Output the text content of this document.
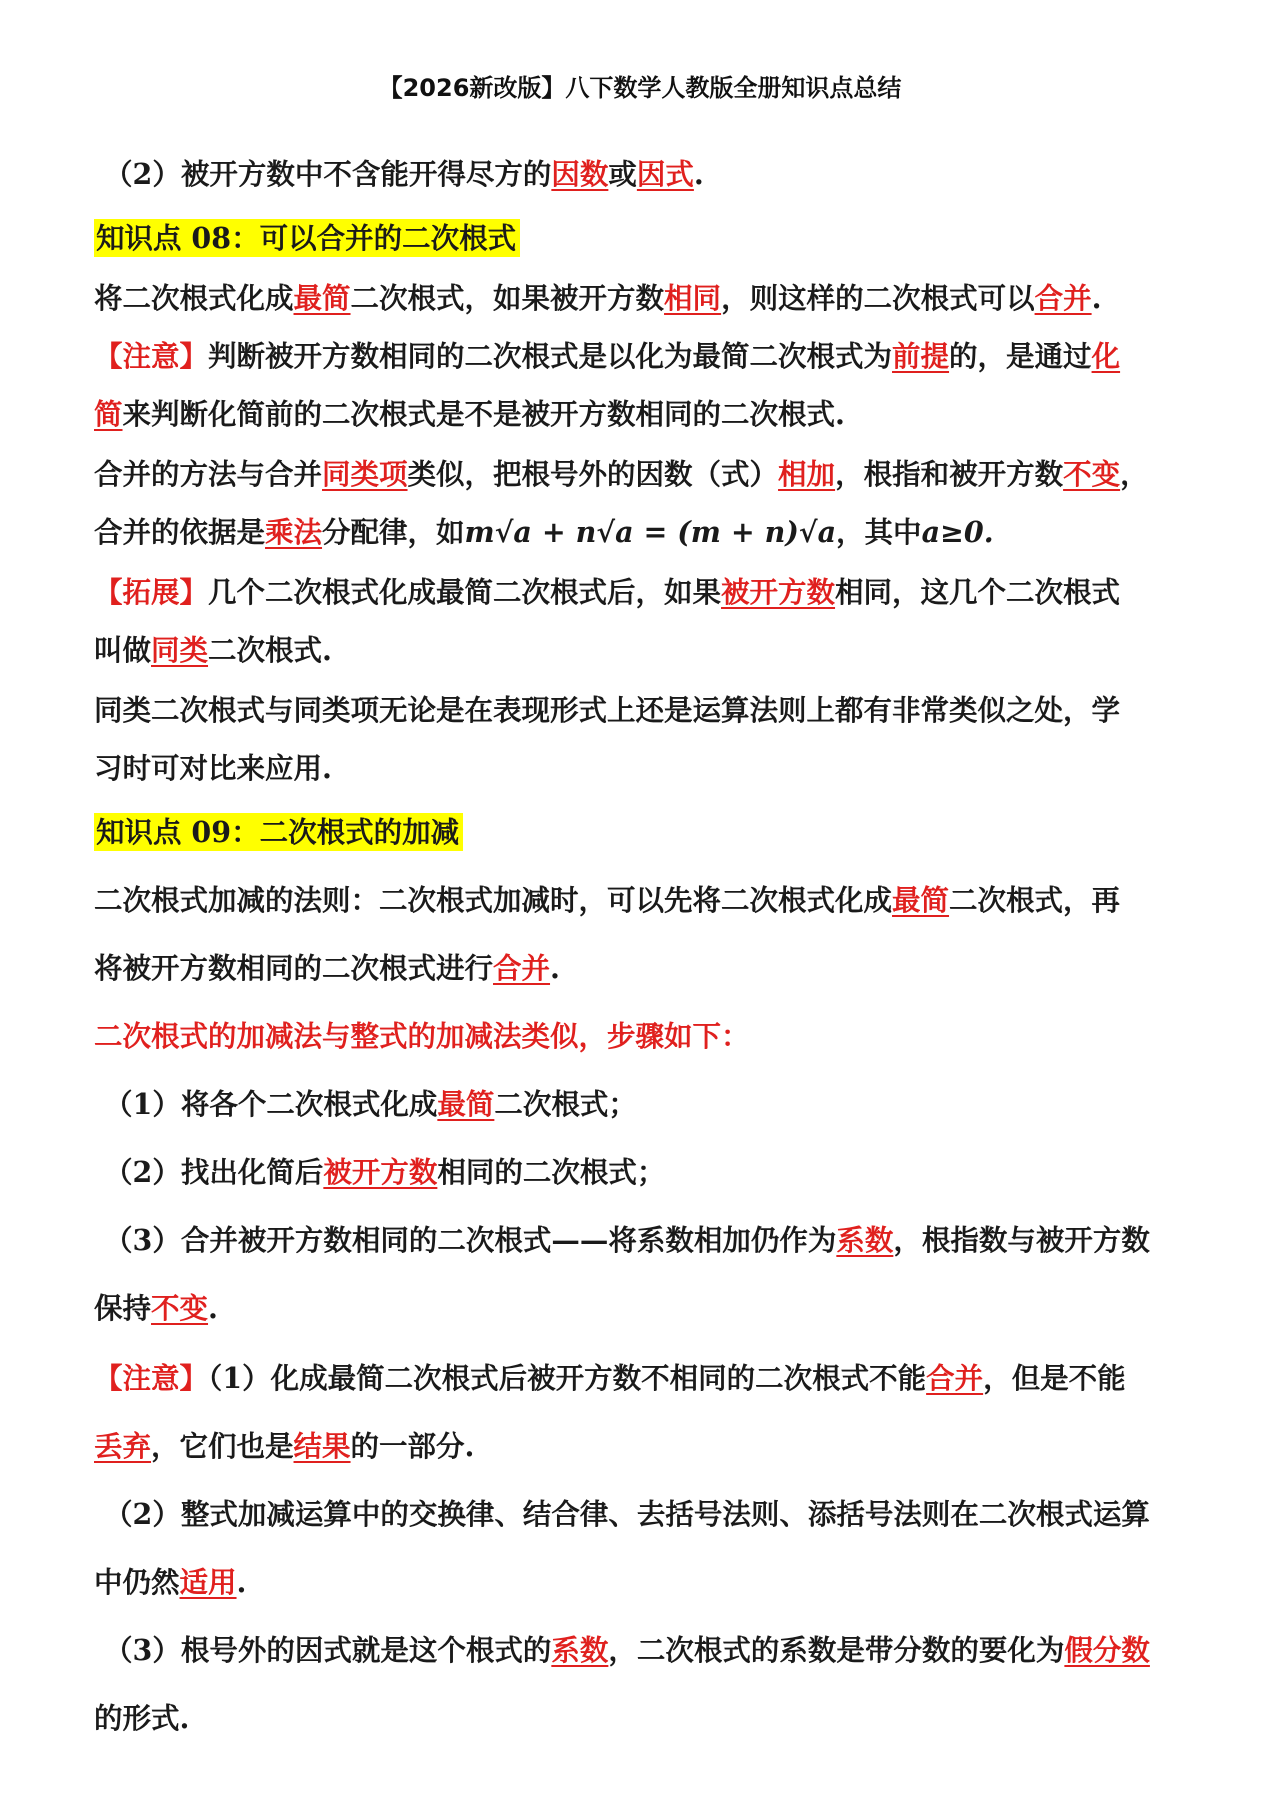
【2026新改版】八下数学人教版全册知识点总结
（2）被开方数中不含能开得尽方的因数或因式.
知识点 08：可以合并的二次根式
将二次根式化成最简二次根式，如果被开方数相同，则这样的二次根式可以合并.
【注意】判断被开方数相同的二次根式是以化为最简二次根式为前提的，是通过化
简来判断化简前的二次根式是不是被开方数相同的二次根式.
合并的方法与合并同类项类似，把根号外的因数（式）相加，根指和被开方数不变，
合并的依据是乘法分配律，如m√a + n√a = (m + n)√a，其中a≥0.
【拓展】几个二次根式化成最简二次根式后，如果被开方数相同，这几个二次根式
叫做同类二次根式.
同类二次根式与同类项无论是在表现形式上还是运算法则上都有非常类似之处，学
习时可对比来应用.
知识点 09：二次根式的加减
二次根式加减的法则：二次根式加减时，可以先将二次根式化成最简二次根式，再
将被开方数相同的二次根式进行合并.
二次根式的加减法与整式的加减法类似，步骤如下：
（1）将各个二次根式化成最简二次根式；
（2）找出化简后被开方数相同的二次根式；
（3）合并被开方数相同的二次根式——将系数相加仍作为系数，根指数与被开方数
保持不变.
【注意】（1）化成最简二次根式后被开方数不相同的二次根式不能合并，但是不能
丢弃，它们也是结果的一部分.
（2）整式加减运算中的交换律、结合律、去括号法则、添括号法则在二次根式运算
中仍然适用.
（3）根号外的因式就是这个根式的系数，二次根式的系数是带分数的要化为假分数
的形式.
